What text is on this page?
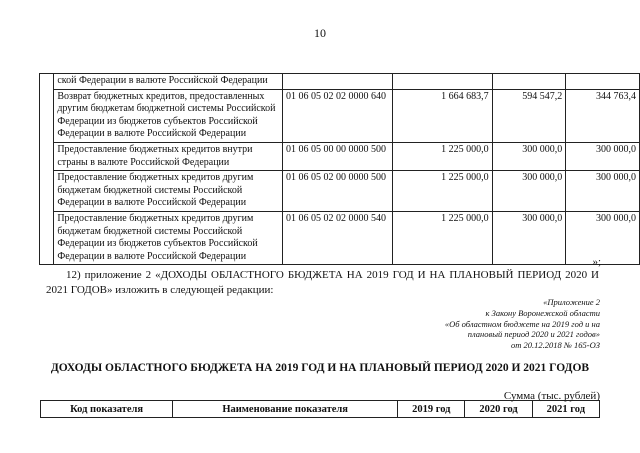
10
	ской Федерации в валюте Российской Федерации				
	Возврат бюджетных кредитов, предоставленных другим бюджетам бюджетной системы Российской Федерации из бюджетов субъектов Российской Федерации в валюте Российской Федерации	01 06 05 02 02 0000 640	1 664 683,7	594 547,2	344 763,4
	Предоставление бюджетных кредитов внутри страны в валюте Российской Федерации	01 06 05 00 00 0000 500	1 225 000,0	300 000,0	300 000,0
	Предоставление бюджетных кредитов другим бюджетам бюджетной системы Российской Федерации в валюте Российской Федерации	01 06 05 02 00 0000 500	1 225 000,0	300 000,0	300 000,0
	Предоставление бюджетных кредитов другим бюджетам бюджетной системы Российской Федерации из бюджетов субъектов Российской Федерации в валюте Российской Федерации	01 06 05 02 02 0000 540	1 225 000,0	300 000,0	300 000,0
»;
12) приложение 2 «ДОХОДЫ ОБЛАСТНОГО БЮДЖЕТА НА 2019 ГОД И НА ПЛАНОВЫЙ ПЕРИОД 2020 И 2021 ГОДОВ» изложить в следующей редакции:
«Приложение 2
к Закону Воронежской области
«Об областном бюджете на 2019 год и на
плановый период 2020 и 2021 годов»
от 20.12.2018 № 165-ОЗ
ДОХОДЫ ОБЛАСТНОГО БЮДЖЕТА НА 2019 ГОД И НА ПЛАНОВЫЙ ПЕРИОД 2020 И 2021 ГОДОВ
Сумма (тыс. рублей)
Код показателя	Наименование показателя	2019 год	2020 год	2021 год
